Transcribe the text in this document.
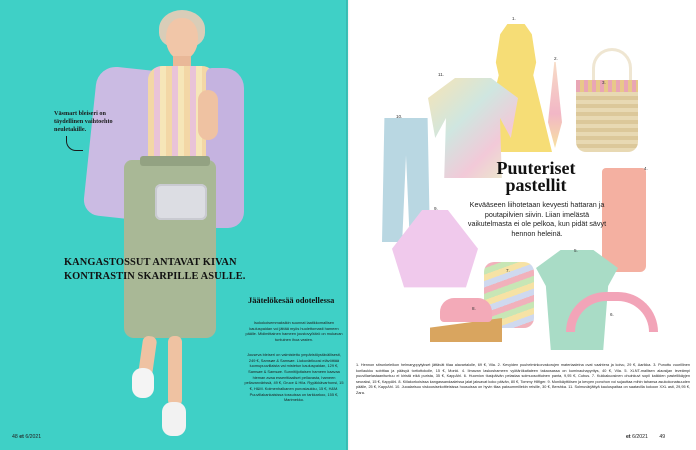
Väsmart bleiseri on täydellinen vaihtoehto neuletakille.
KANGASTOSSUT ANTAVAT KIVAN KONTRASTIN SKARPILLE ASULLE.
Jäätelökesää odotellessa
Isokokoisemmaksikin suunnat laatikkomallisen kauluspaidan voi jättää myös huolettomasti hameen päälle. Midimittainen hameen joustovyötärö on mukavan tuntuinen ihoa vasten.
Jouseva bleiseri on valmistettu ympäristöystävällisesti, 249 €, Samsøe & Samsøe. Liukuvärikuosi elävöittää luomupuuvillaista vai mistetun kauluspaidan, 129 €, Samsøe & Samsøe. Sunnitiijoitaisen hameen kaavaa hieman avaa essenttiaaliset pellavasta, hameen pellavanvärissä, 49 €, Gruce & Hila. Ryyäkkävarhonsi, 15 €, H&M. Kolmenhalkanen punosiaukku, 15 €, H&M. Puuvillakankaisissa tossuissa on tarkkarkoo, 155 €, Marimekko.
48 et 6/2021
1.
2.
3.
4.
5.
6.
7.
8.
9.
10.
11.
Puuteriset pastellit
Kevääseen liihotetaan kevyesti hattaran ja poutapilvien siivin. Liian imelästä vaikutelmasta ei ole pelkoa, kun pidät sävyt hennon heleinä.
1. Hennon sitrunkeleikon helmaryppytykset jättävät tilaa alavartalolle, 69 €, Vila. 2. Kevyiden puuhelminkorvakorujen materiaaleina ovat vaahtera ja koivu, 29 €, Aarikka. 3. Punottu vuorillinen korilaukku sobittaa ja pääsyä tortiottokolle, 15 €, Monki. 4. Ilmavan laskoshameen vyötärökaitaleen takaosassa on kuminauhapyritys, 40 €, Vila. 5. XLNT-mallisen alaosijan leveämpi puuvillaelastaanituntuu ei kiristä eikä purista, 35 €, KappAhl. 6. Huomion tiusipäivän pelastaa solmuosoittuinen panta, 9,95 €, Cubus. 7. Kukkakuosinen ohuinkuvi sopii kaikkien pastellikäyjen seuraksi, 15 €, KappAhl. 8. Kiilakorkoisissa kangassandaaleissa jalat jaksavat koko päivän, 80 €, Tommy Hilfiger. 9. Monikäyttöisen ja kevyen ponchon voi sujauttaa mihin tahansa asukokonaisuuden päälle, 25 €, KappAhl. 10. Juoalarisuu viskoosisekoitteisissa housuissa on hyvin tilaa paksummillekin reisille, 30 €, Bershka. 11. Solmuvärjättyä kauluspaitaa on saatavilla kokoon XXL asti, 29,95 €, Zara.
et 6/2021 49
